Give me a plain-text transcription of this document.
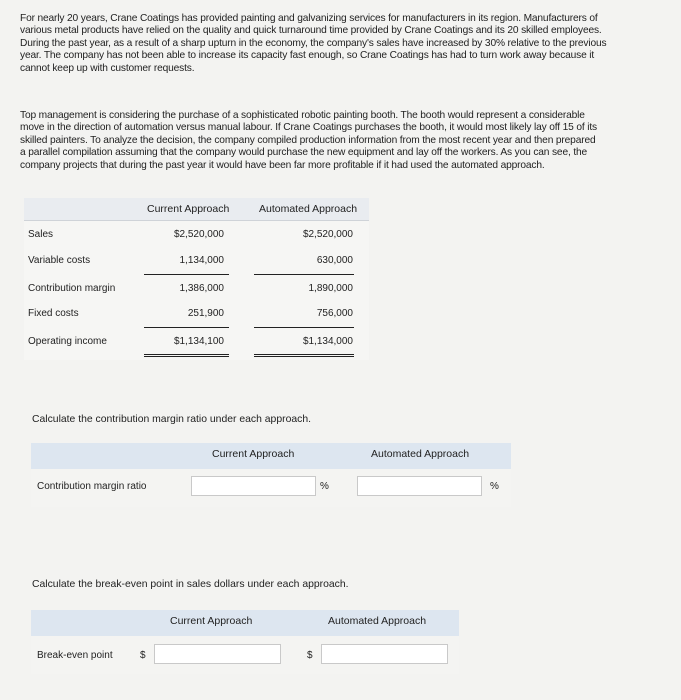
For nearly 20 years, Crane Coatings has provided painting and galvanizing services for manufacturers in its region. Manufacturers of
various metal products have relied on the quality and quick turnaround time provided by Crane Coatings and its 20 skilled employees.
During the past year, as a result of a sharp upturn in the economy, the company's sales have increased by 30% relative to the previous
year. The company has not been able to increase its capacity fast enough, so Crane Coatings has had to turn work away because it
cannot keep up with customer requests.
Top management is considering the purchase of a sophisticated robotic painting booth. The booth would represent a considerable
move in the direction of automation versus manual labour. If Crane Coatings purchases the booth, it would most likely lay off 15 of its
skilled painters. To analyze the decision, the company compiled production information from the most recent year and then prepared
a parallel compilation assuming that the company would purchase the new equipment and lay off the workers. As you can see, the
company projects that during the past year it would have been far more profitable if it had used the automated approach.
Current Approach	Automated Approach
Sales	$2,520,000	$2,520,000
Variable costs	1,134,000	630,000
Contribution margin	1,386,000	1,890,000
Fixed costs	251,900	756,000
Operating income	$1,134,100	$1,134,000
Calculate the contribution margin ratio under each approach.
Current Approach	Automated Approach
Contribution margin ratio	%	%
Calculate the break-even point in sales dollars under each approach.
Current Approach	Automated Approach
Break-even point	$	$
